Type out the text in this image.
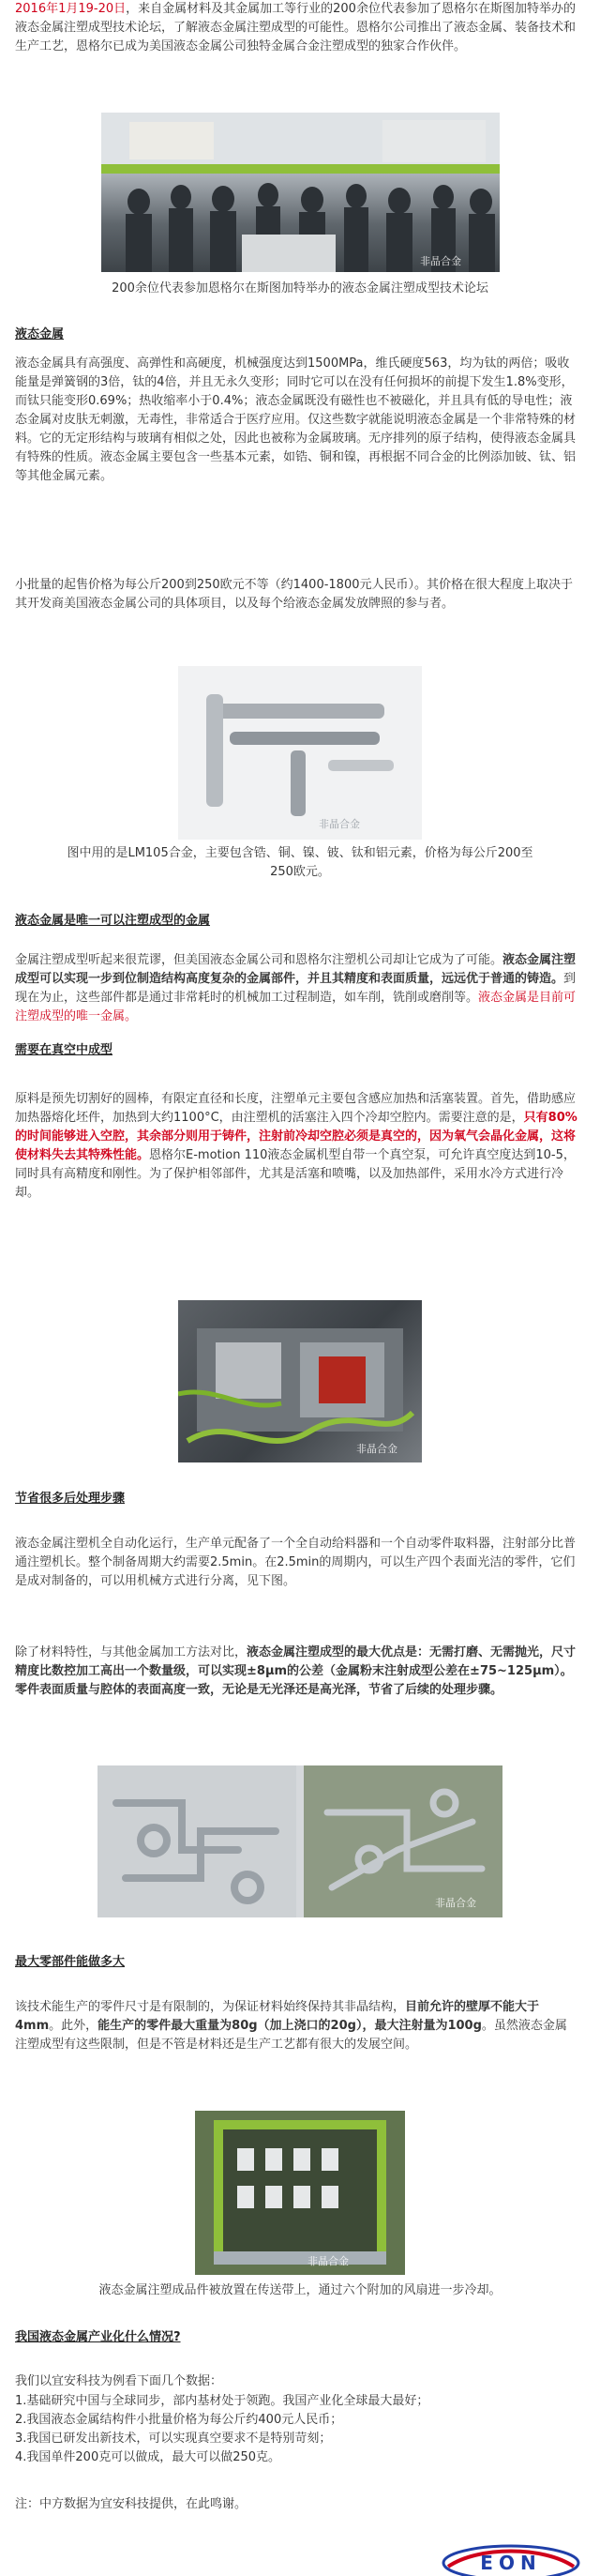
2016年1月19-20日，来自金属材料及其金属加工等行业的200余位代表参加了恩格尔在斯图加特举办的液态金属注塑成型技术论坛，了解液态金属注塑成型的可能性。恩格尔公司推出了液态金属、装备技术和生产工艺，恩格尔已成为美国液态金属公司独特金属合金注塑成型的独家合作伙伴。

非晶合金

200余位代表参加恩格尔在斯图加特举办的液态金属注塑成型技术论坛

液态金属

液态金属具有高强度、高弹性和高硬度，机械强度达到1500MPa，维氏硬度563，均为钛的两倍；吸收能量是弹簧钢的3倍，钛的4倍，并且无永久变形；同时它可以在没有任何损坏的前提下发生1.8%变形，而钛只能变形0.69%；热收缩率小于0.4%；液态金属既没有磁性也不被磁化，并且具有低的导电性；液态金属对皮肤无刺激，无毒性，非常适合于医疗应用。仅这些数字就能说明液态金属是一个非常特殊的材料。它的无定形结构与玻璃有相似之处，因此也被称为金属玻璃。无序排列的原子结构，使得液态金属具有特殊的性质。液态金属主要包含一些基本元素，如锆、铜和镍，再根据不同合金的比例添加铍、钛、铝等其他金属元素。

小批量的起售价格为每公斤200到250欧元不等（约1400-1800元人民币）。其价格在很大程度上取决于其开发商美国液态金属公司的具体项目，以及每个给液态金属发放牌照的参与者。

非晶合金

图中用的是LM105合金，主要包含锆、铜、镍、铍、钛和铝元素，价格为每公斤200至

250欧元。

液态金属是唯一可以注塑成型的金属

金属注塑成型听起来很荒谬，但美国液态金属公司和恩格尔注塑机公司却让它成为了可能。液态金属注塑成型可以实现一步到位制造结构高度复杂的金属部件，并且其精度和表面质量，远远优于普通的铸造。到现在为止，这些部件都是通过非常耗时的机械加工过程制造，如车削，铣削或磨削等。液态金属是目前可注塑成型的唯一金属。

需要在真空中成型

原料是预先切割好的圆棒，有限定直径和长度，注塑单元主要包含感应加热和活塞装置。首先，借助感应加热器熔化坯件，加热到大约1100°C，由注塑机的活塞注入四个冷却空腔内。需要注意的是，只有80%的时间能够进入空腔，其余部分则用于铸件，注射前冷却空腔必须是真空的，因为氧气会晶化金属，这将使材料失去其特殊性能。恩格尔E-motion 110液态金属机型自带一个真空泵，可允许真空度达到10-5，同时具有高精度和刚性。为了保护相邻部件，尤其是活塞和喷嘴，以及加热部件，采用水冷方式进行冷却。

非晶合金

节省很多后处理步骤

液态金属注塑机全自动化运行，生产单元配备了一个全自动给料器和一个自动零件取料器，注射部分比普通注塑机长。整个制备周期大约需要2.5min。在2.5min的周期内，可以生产四个表面光洁的零件，它们是成对制备的，可以用机械方式进行分离，见下图。

除了材料特性，与其他金属加工方法对比，液态金属注塑成型的最大优点是：无需打磨、无需抛光，尺寸精度比数控加工高出一个数量级，可以实现±8μm的公差（金属粉末注射成型公差在±75~125μm）。零件表面质量与腔体的表面高度一致，无论是无光泽还是高光泽，节省了后续的处理步骤。

非晶合金

最大零部件能做多大

该技术能生产的零件尺寸是有限制的，为保证材料始终保持其非晶结构，目前允许的壁厚不能大于4mm。此外，能生产的零件最大重量为80g（加上浇口的20g），最大注射量为100g。虽然液态金属注塑成型有这些限制，但是不管是材料还是生产工艺都有很大的发展空间。

非晶合金

液态金属注塑成品件被放置在传送带上，通过六个附加的风扇进一步冷却。

我国液态金属产业化什么情况?

我们以宜安科技为例看下面几个数据：

1.基础研究中国与全球同步，部内基材处于领跑。我国产业化全球最大最好；

2.我国液态金属结构件小批量价格为每公斤约400元人民币；

3.我国已研发出新技术，可以实现真空要求不是特别苛刻；

4.我国单件200克可以做成，最大可以做250克。

注：中方数据为宜安科技提供，在此鸣谢。

EON
